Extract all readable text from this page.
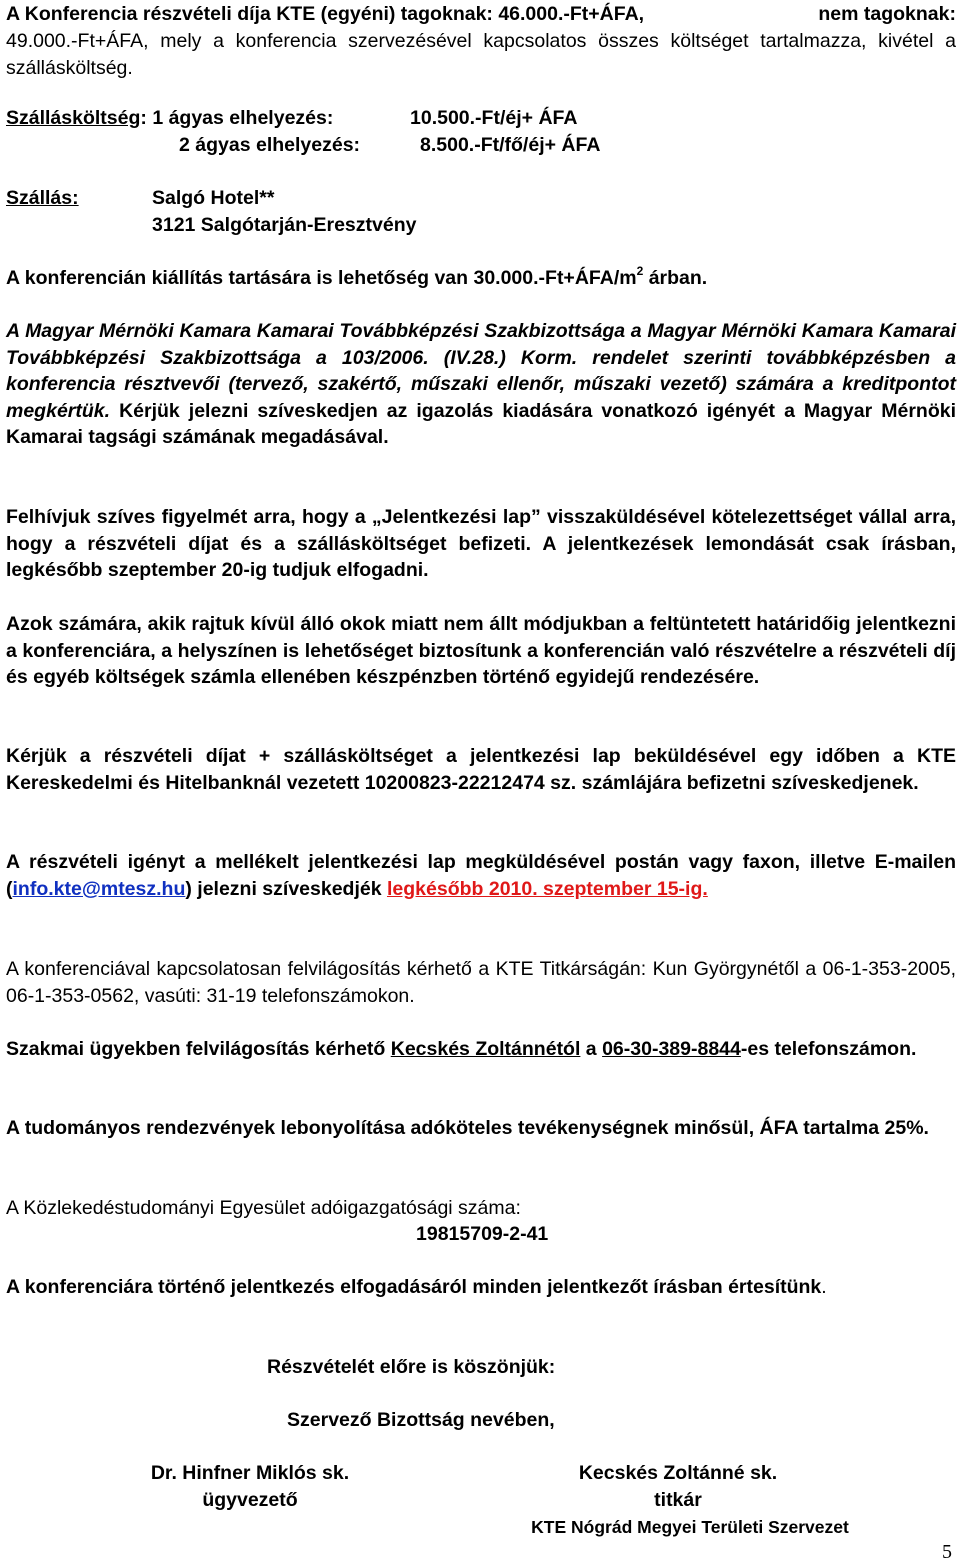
A Konferencia részvételi díja KTE (egyéni) tagoknak: 46.000.-Ft+ÁFA,	nem tagoknak:
49.000.-Ft+ÁFA, mely a konferencia szervezésével kapcsolatos összes költséget tartalmazza, kivétel a szállásköltség.
Szállásköltség: 1 ágyas elhelyezés:	10.500.-Ft/éj+ ÁFA
2 ágyas elhelyezés:	8.500.-Ft/fő/éj+ ÁFA
Szállás:	Salgó Hotel**
3121 Salgótarján-Eresztvény
A konferencián kiállítás tartására is lehetőség van $30.000.-Ft+ÁFA/m^2$ árban.
A Magyar Mérnöki Kamara Kamarai Továbbképzési Szakbizottsága a Magyar Mérnöki Kamara Kamarai Továbbképzési Szakbizottsága a 103/2006. (IV.28.) Korm. rendelet szerinti továbbképzésben a konferencia résztvevői (tervező, szakértő, műszaki ellenőr, műszaki vezető) számára a kreditpontot megkértük. Kérjük jelezni szíveskedjen az igazolás kiadására vonatkozó igényét a Magyar Mérnöki Kamarai tagsági számának megadásával.
Felhívjuk szíves figyelmét arra, hogy a „Jelentkezési lap” visszaküldésével kötelezettséget vállal arra, hogy a részvételi díjat és a szállásköltséget befizeti. A jelentkezések lemondását csak írásban, legkésőbb szeptember 20-ig tudjuk elfogadni.
Azok számára, akik rajtuk kívül álló okok miatt nem állt módjukban a feltüntetett határidőig jelentkezni a konferenciára, a helyszínen is lehetőséget biztosítunk a konferencián való részvételre a részvételi díj és egyéb költségek számla ellenében készpénzben történő egyidejű rendezésére.
Kérjük a részvételi díjat + szállásköltséget a jelentkezési lap beküldésével egy időben a KTE Kereskedelmi és Hitelbanknál vezetett 10200823-22212474 sz. számlájára befizetni szíveskedjenek.
A részvételi igényt a mellékelt jelentkezési lap megküldésével postán vagy faxon, illetve E-mailen (info.kte@mtesz.hu) jelezni szíveskedjék legkésőbb 2010. szeptember 15-ig.
A konferenciával kapcsolatosan felvilágosítás kérhető a KTE Titkárságán: Kun Györgynétől a 06-1-353-2005, 06-1-353-0562, vasúti: 31-19 telefonszámokon.
Szakmai ügyekben felvilágosítás kérhető Kecskés Zoltánnétól a 06-30-389-8844-es telefonszámon.
A tudományos rendezvények lebonyolítása adóköteles tevékenységnek minősül, ÁFA tartalma 25%.
A Közlekedéstudományi Egyesület adóigazgatósági száma:
19815709-2-41
A konferenciára történő jelentkezés elfogadásáról minden jelentkezőt írásban értesítünk.
Részvételét előre is köszönjük:
Szervező Bizottság nevében,
Dr. Hinfner Miklós sk.
ügyvezető
Kecskés Zoltánné sk.
titkár
KTE Nógrád Megyei Területi Szervezet
5
